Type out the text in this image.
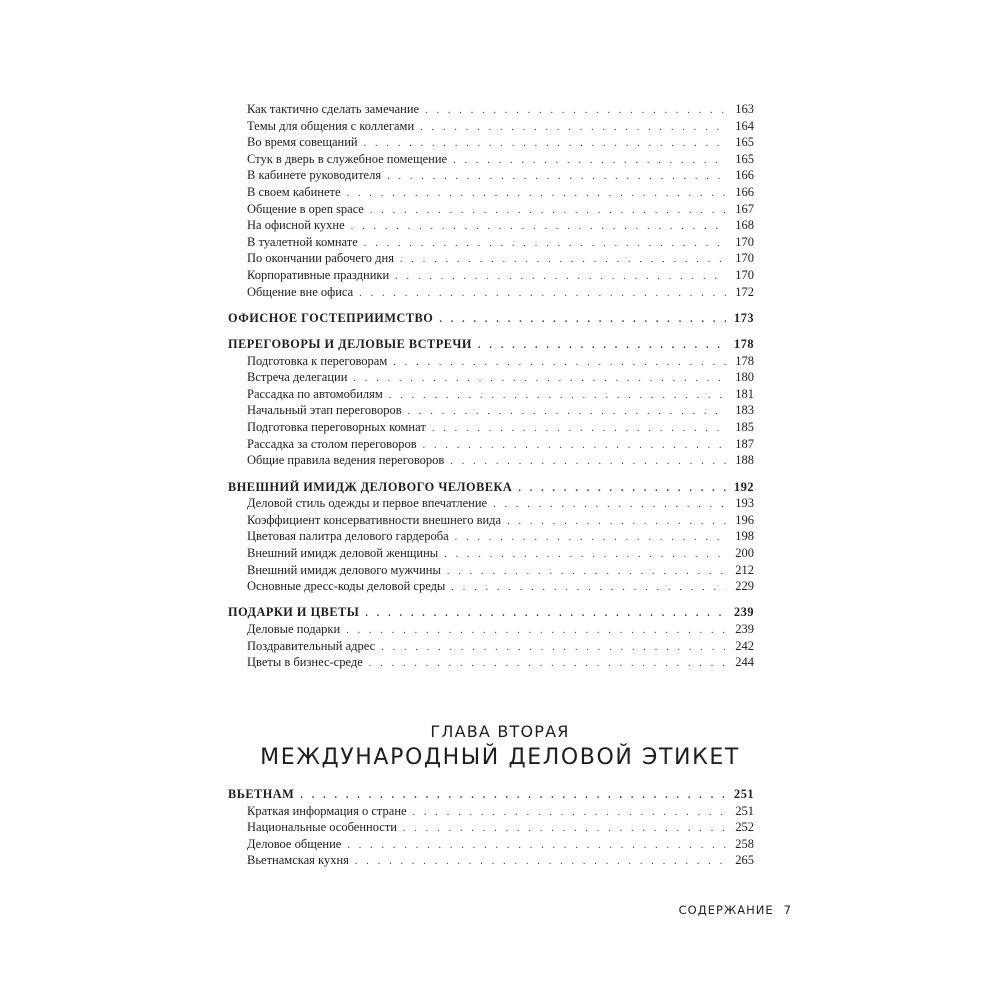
Как тактично сделать замечание . . .	163
Темы для общения с коллегами . . .	164
Во время совещаний . . .	165
Стук в дверь в служебное помещение . . .	165
В кабинете руководителя . . .	166
В своем кабинете . . .	166
Общение в open space . . .	167
На офисной кухне . . .	168
В туалетной комнате . . .	170
По окончании рабочего дня . . .	170
Корпоративные праздники . . .	170
Общение вне офиса . . .	172
ОФИСНОЕ ГОСТЕПРИИМСТВО . . .	173
ПЕРЕГОВОРЫ И ДЕЛОВЫЕ ВСТРЕЧИ . . .	178
Подготовка к переговорам . . .	178
Встреча делегации . . .	180
Рассадка по автомобилям . . .	181
Начальный этап переговоров . . .	183
Подготовка переговорных комнат . . .	185
Рассадка за столом переговоров . . .	187
Общие правила ведения переговоров . . .	188
ВНЕШНИЙ ИМИДЖ ДЕЛОВОГО ЧЕЛОВЕКА . . .	192
Деловой стиль одежды и первое впечатление . . .	193
Коэффициент консервативности внешнего вида . . .	196
Цветовая палитра делового гардероба . . .	198
Внешний имидж деловой женщины . . .	200
Внешний имидж делового мужчины . . .	212
Основные дресс-коды деловой среды . . .	229
ПОДАРКИ И ЦВЕТЫ . . .	239
Деловые подарки . . .	239
Поздравительный адрес . . .	242
Цветы в бизнес-среде . . .	244
ГЛАВА ВТОРАЯ
МЕЖДУНАРОДНЫЙ ДЕЛОВОЙ ЭТИКЕТ
ВЬЕТНАМ . . .	251
Краткая информация о стране . . .	251
Национальные особенности . . .	252
Деловое общение . . .	258
Вьетнамская кухня . . .	265
СОДЕРЖАНИЕ 7
